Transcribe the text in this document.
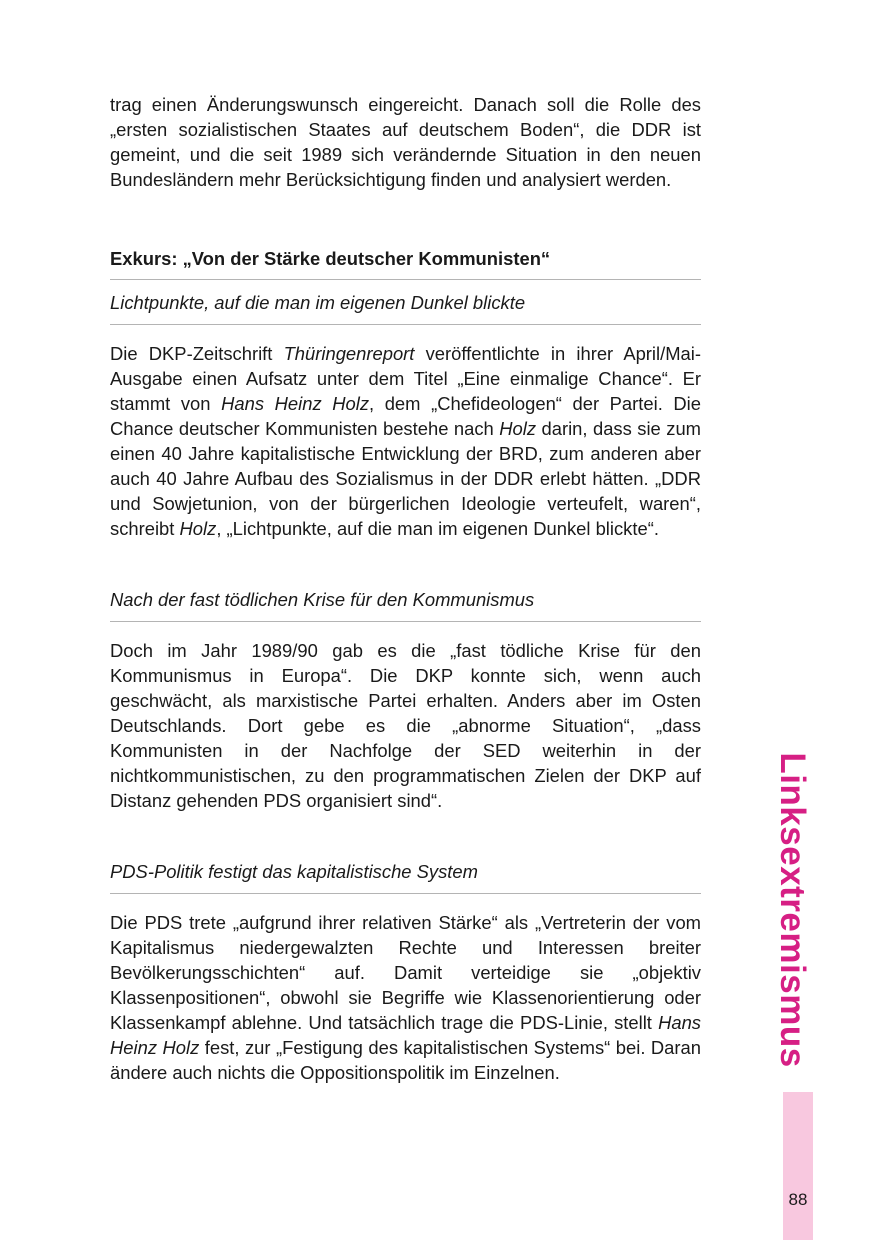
trag einen Änderungswunsch eingereicht. Danach soll die Rolle des „ersten sozialistischen Staates auf deutschem Boden“, die DDR ist gemeint, und die seit 1989 sich verändernde Situation in den neuen Bundesländern mehr Berücksichtigung finden und analysiert werden.

Exkurs: „Von der Stärke deutscher Kommunisten“
Lichtpunkte, auf die man im eigenen Dunkel blickte

Die DKP-Zeitschrift Thüringenreport veröffentlichte in ihrer April/Mai-Ausgabe einen Aufsatz unter dem Titel „Eine einmalige Chance“. Er stammt von Hans Heinz Holz, dem „Chefideologen“ der Partei. Die Chance deutscher Kommunisten bestehe nach Holz darin, dass sie zum einen 40 Jahre kapitalistische Entwicklung der BRD, zum anderen aber auch 40 Jahre Aufbau des Sozialismus in der DDR erlebt hätten. „DDR und Sowjetunion, von der bürgerlichen Ideologie verteufelt, waren“, schreibt Holz, „Lichtpunkte, auf die man im eigenen Dunkel blickte“.

Nach der fast tödlichen Krise für den Kommunismus

Doch im Jahr 1989/90 gab es die „fast tödliche Krise für den Kommunismus in Europa“. Die DKP konnte sich, wenn auch geschwächt, als marxistische Partei erhalten. Anders aber im Osten Deutschlands. Dort gebe es die „abnorme Situation“, „dass Kommunisten in der Nachfolge der SED weiterhin in der nichtkommunistischen, zu den programmatischen Zielen der DKP auf Distanz gehenden PDS organisiert sind“.

PDS-Politik festigt das kapitalistische System

Die PDS trete „aufgrund ihrer relativen Stärke“ als „Vertreterin der vom Kapitalismus niedergewalzten Rechte und Interessen breiter Bevölkerungsschichten“ auf. Damit verteidige sie „objektiv Klassenpositionen“, obwohl sie Begriffe wie Klassenorientierung oder Klassenkampf ablehne. Und tatsächlich trage die PDS-Linie, stellt Hans Heinz Holz fest, zur „Festigung des kapitalistischen Systems“ bei. Daran ändere auch nichts die Oppositionspolitik im Einzelnen.

Linksextremismus
88
